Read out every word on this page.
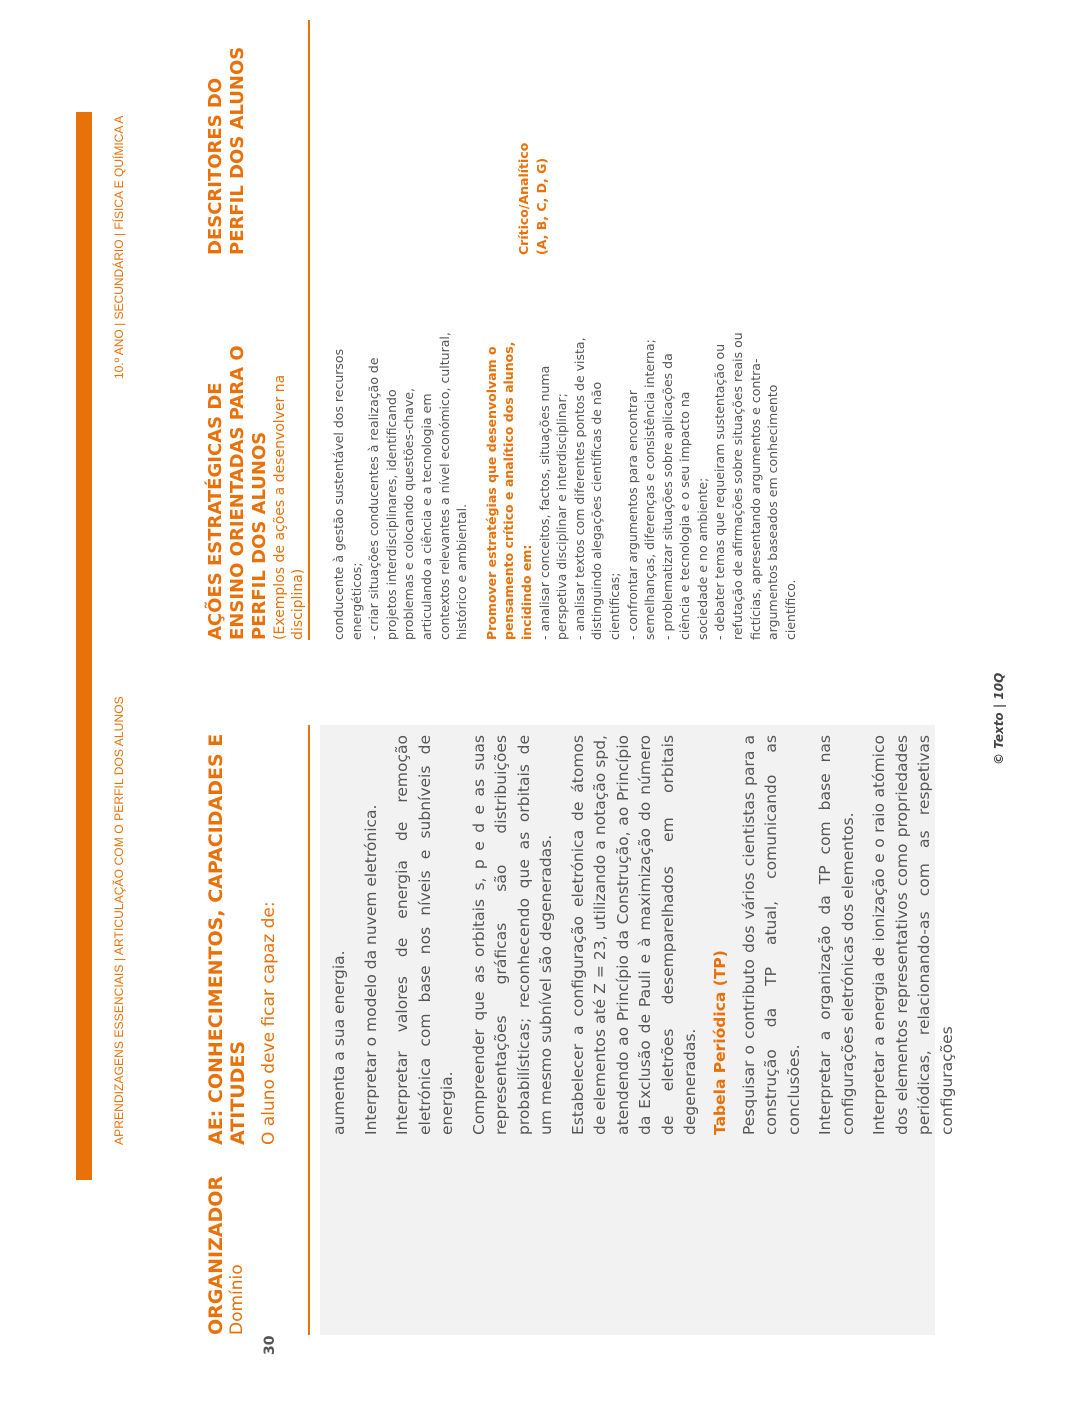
APRENDIZAGENS ESSENCIAIS | ARTICULAÇÃO COM O PERFIL DOS ALUNOS
10.º ANO | SECUNDÁRIO | FÍSICA E QUÍMICA A
ORGANIZADOR Domínio
AE: CONHECIMENTOS, CAPACIDADES E ATITUDES O aluno deve ficar capaz de:
AÇÕES ESTRATÉGICAS DE ENSINO ORIENTADAS PARA O PERFIL DOS ALUNOS (Exemplos de ações a desenvolver na disciplina)
DESCRITORES DO PERFIL DOS ALUNOS

aumenta a sua energia. Interpretar o modelo da nuvem eletrónica. Interpretar valores de energia de remoção eletrónica com base nos níveis e subníveis de energia. Compreender que as orbitais s, p e d e as suas representações gráficas são distribuições probabilísticas; reconhecendo que as orbitais de um mesmo subnível são degeneradas. Estabelecer a configuração eletrónica de átomos de elementos até Z = 23, utilizando a notação spd, atendendo ao Princípio da Construção, ao Princípio da Exclusão de Pauli e à maximização do número de eletrões desemparelhados em orbitais degeneradas. Tabela Periódica (TP) Pesquisar o contributo dos vários cientistas para a construção da TP atual, comunicando as conclusões. Interpretar a organização da TP com base nas configurações eletrónicas dos elementos. Interpretar a energia de ionização e o raio atómico dos elementos representativos como propriedades periódicas, relacionando-as com as respetivas configurações

conducente à gestão sustentável dos recursos energéticos;
- criar situações conducentes à realização de projetos interdisciplinares, identificando problemas e colocando questões-chave, articulando a ciência e a tecnologia em contextos relevantes a nível económico, cultural, histórico e ambiental. Promover estratégias que desenvolvam o pensamento crítico e analítico dos alunos, incidindo em: - analisar conceitos, factos, situações numa perspetiva disciplinar e interdisciplinar; - analisar textos com diferentes pontos de vista, distinguindo alegações científicas de não científicas; - confrontar argumentos para encontrar semelhanças, diferenças e consistência interna; - problematizar situações sobre aplicações da ciência e tecnologia e o seu impacto na sociedade e no ambiente; - debater temas que requeiram sustentação ou refutação de afirmações sobre situações reais ou fictícias, apresentando argumentos e contra-argumentos baseados em conhecimento científico.

Crítico/Analítico
(A, B, C, D, G)

30
© Texto | 10Q
